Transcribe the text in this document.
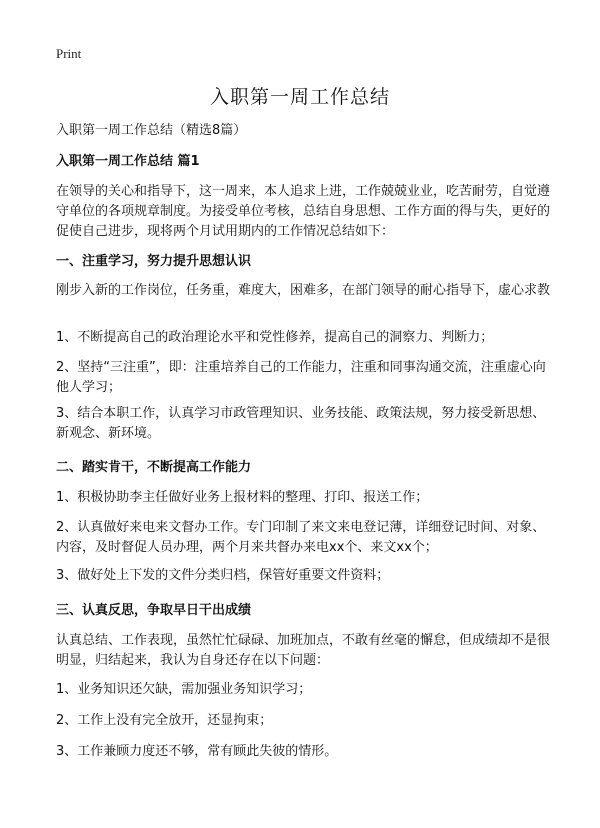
Print
入职第一周工作总结

入职第一周工作总结（精选8篇）

入职第一周工作总结 篇1

在领导的关心和指导下，这一周来，本人追求上进，工作兢兢业业，吃苦耐劳，自觉遵守单位的各项规章制度。为接受单位考核，总结自身思想、工作方面的得与失，更好的促使自己进步，现将两个月试用期内的工作情况总结如下：

一、注重学习，努力提升思想认识

刚步入新的工作岗位，任务重，难度大，困难多，在部门领导的耐心指导下，虚心求教

1、不断提高自己的政治理论水平和党性修养，提高自己的洞察力、判断力；

2、坚持“三注重”，即：注重培养自己的工作能力，注重和同事沟通交流，注重虚心向他人学习；

3、结合本职工作，认真学习市政管理知识、业务技能、政策法规，努力接受新思想、新观念、新环境。

二、踏实肯干，不断提高工作能力

1、积极协助李主任做好业务上报材料的整理、打印、报送工作；

2、认真做好来电来文督办工作。专门印制了来文来电登记薄，详细登记时间、对象、内容，及时督促人员办理，两个月来共督办来电xx个、来文xx个；

3、做好处上下发的文件分类归档，保管好重要文件资料；

三、认真反思，争取早日干出成绩

认真总结、工作表现，虽然忙忙碌碌、加班加点，不敢有丝毫的懈怠，但成绩却不是很明显，归结起来，我认为自身还存在以下问题：

1、业务知识还欠缺，需加强业务知识学习；

2、工作上没有完全放开，还显拘束；

3、工作兼顾力度还不够，常有顾此失彼的情形。
